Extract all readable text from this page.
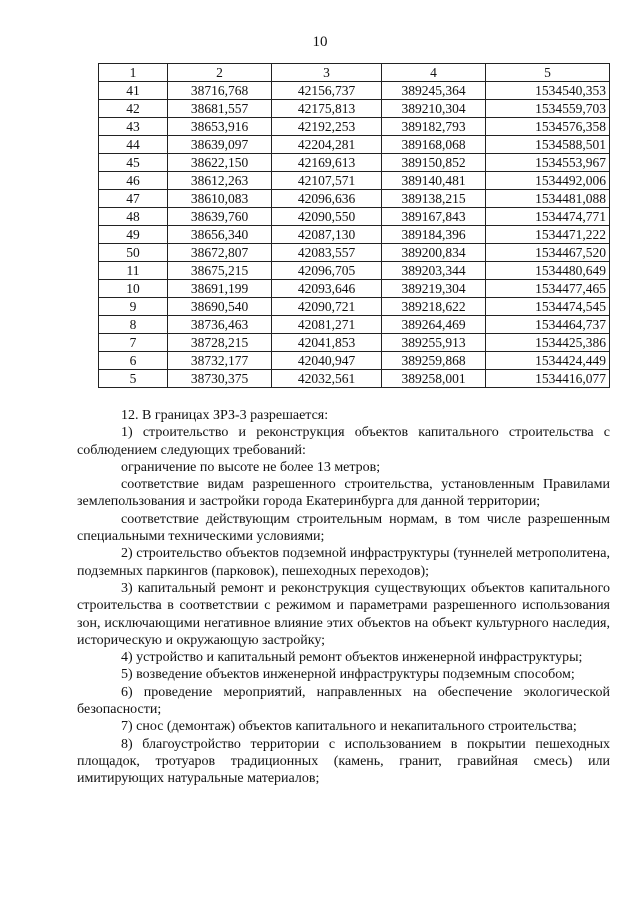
10
1	2	3	4	5
41	38716,768	42156,737	389245,364	1534540,353
42	38681,557	42175,813	389210,304	1534559,703
43	38653,916	42192,253	389182,793	1534576,358
44	38639,097	42204,281	389168,068	1534588,501
45	38622,150	42169,613	389150,852	1534553,967
46	38612,263	42107,571	389140,481	1534492,006
47	38610,083	42096,636	389138,215	1534481,088
48	38639,760	42090,550	389167,843	1534474,771
49	38656,340	42087,130	389184,396	1534471,222
50	38672,807	42083,557	389200,834	1534467,520
11	38675,215	42096,705	389203,344	1534480,649
10	38691,199	42093,646	389219,304	1534477,465
9	38690,540	42090,721	389218,622	1534474,545
8	38736,463	42081,271	389264,469	1534464,737
7	38728,215	42041,853	389255,913	1534425,386
6	38732,177	42040,947	389259,868	1534424,449
5	38730,375	42032,561	389258,001	1534416,077

12. В границах ЗРЗ-3 разрешается:

1) строительство и реконструкция объектов капитального строительства с соблюдением следующих требований:

ограничение по высоте не более 13 метров;

соответствие видам разрешенного строительства, установленным Правилами землепользования и застройки города Екатеринбурга для данной территории;

соответствие действующим строительным нормам, в том числе разрешенным специальными техническими условиями;

2) строительство объектов подземной инфраструктуры (туннелей метрополитена, подземных паркингов (парковок), пешеходных переходов);

3) капитальный ремонт и реконструкция существующих объектов капитального строительства в соответствии с режимом и параметрами разрешенного использования зон, исключающими негативное влияние этих объектов на объект культурного наследия, историческую и окружающую застройку;

4) устройство и капитальный ремонт объектов инженерной инфраструктуры;

5) возведение объектов инженерной инфраструктуры подземным способом;

6) проведение мероприятий, направленных на обеспечение экологической безопасности;

7) снос (демонтаж) объектов капитального и некапитального строительства;

8) благоустройство территории с использованием в покрытии пешеходных площадок, тротуаров традиционных (камень, гранит, гравийная смесь) или имитирующих натуральные материалов;
